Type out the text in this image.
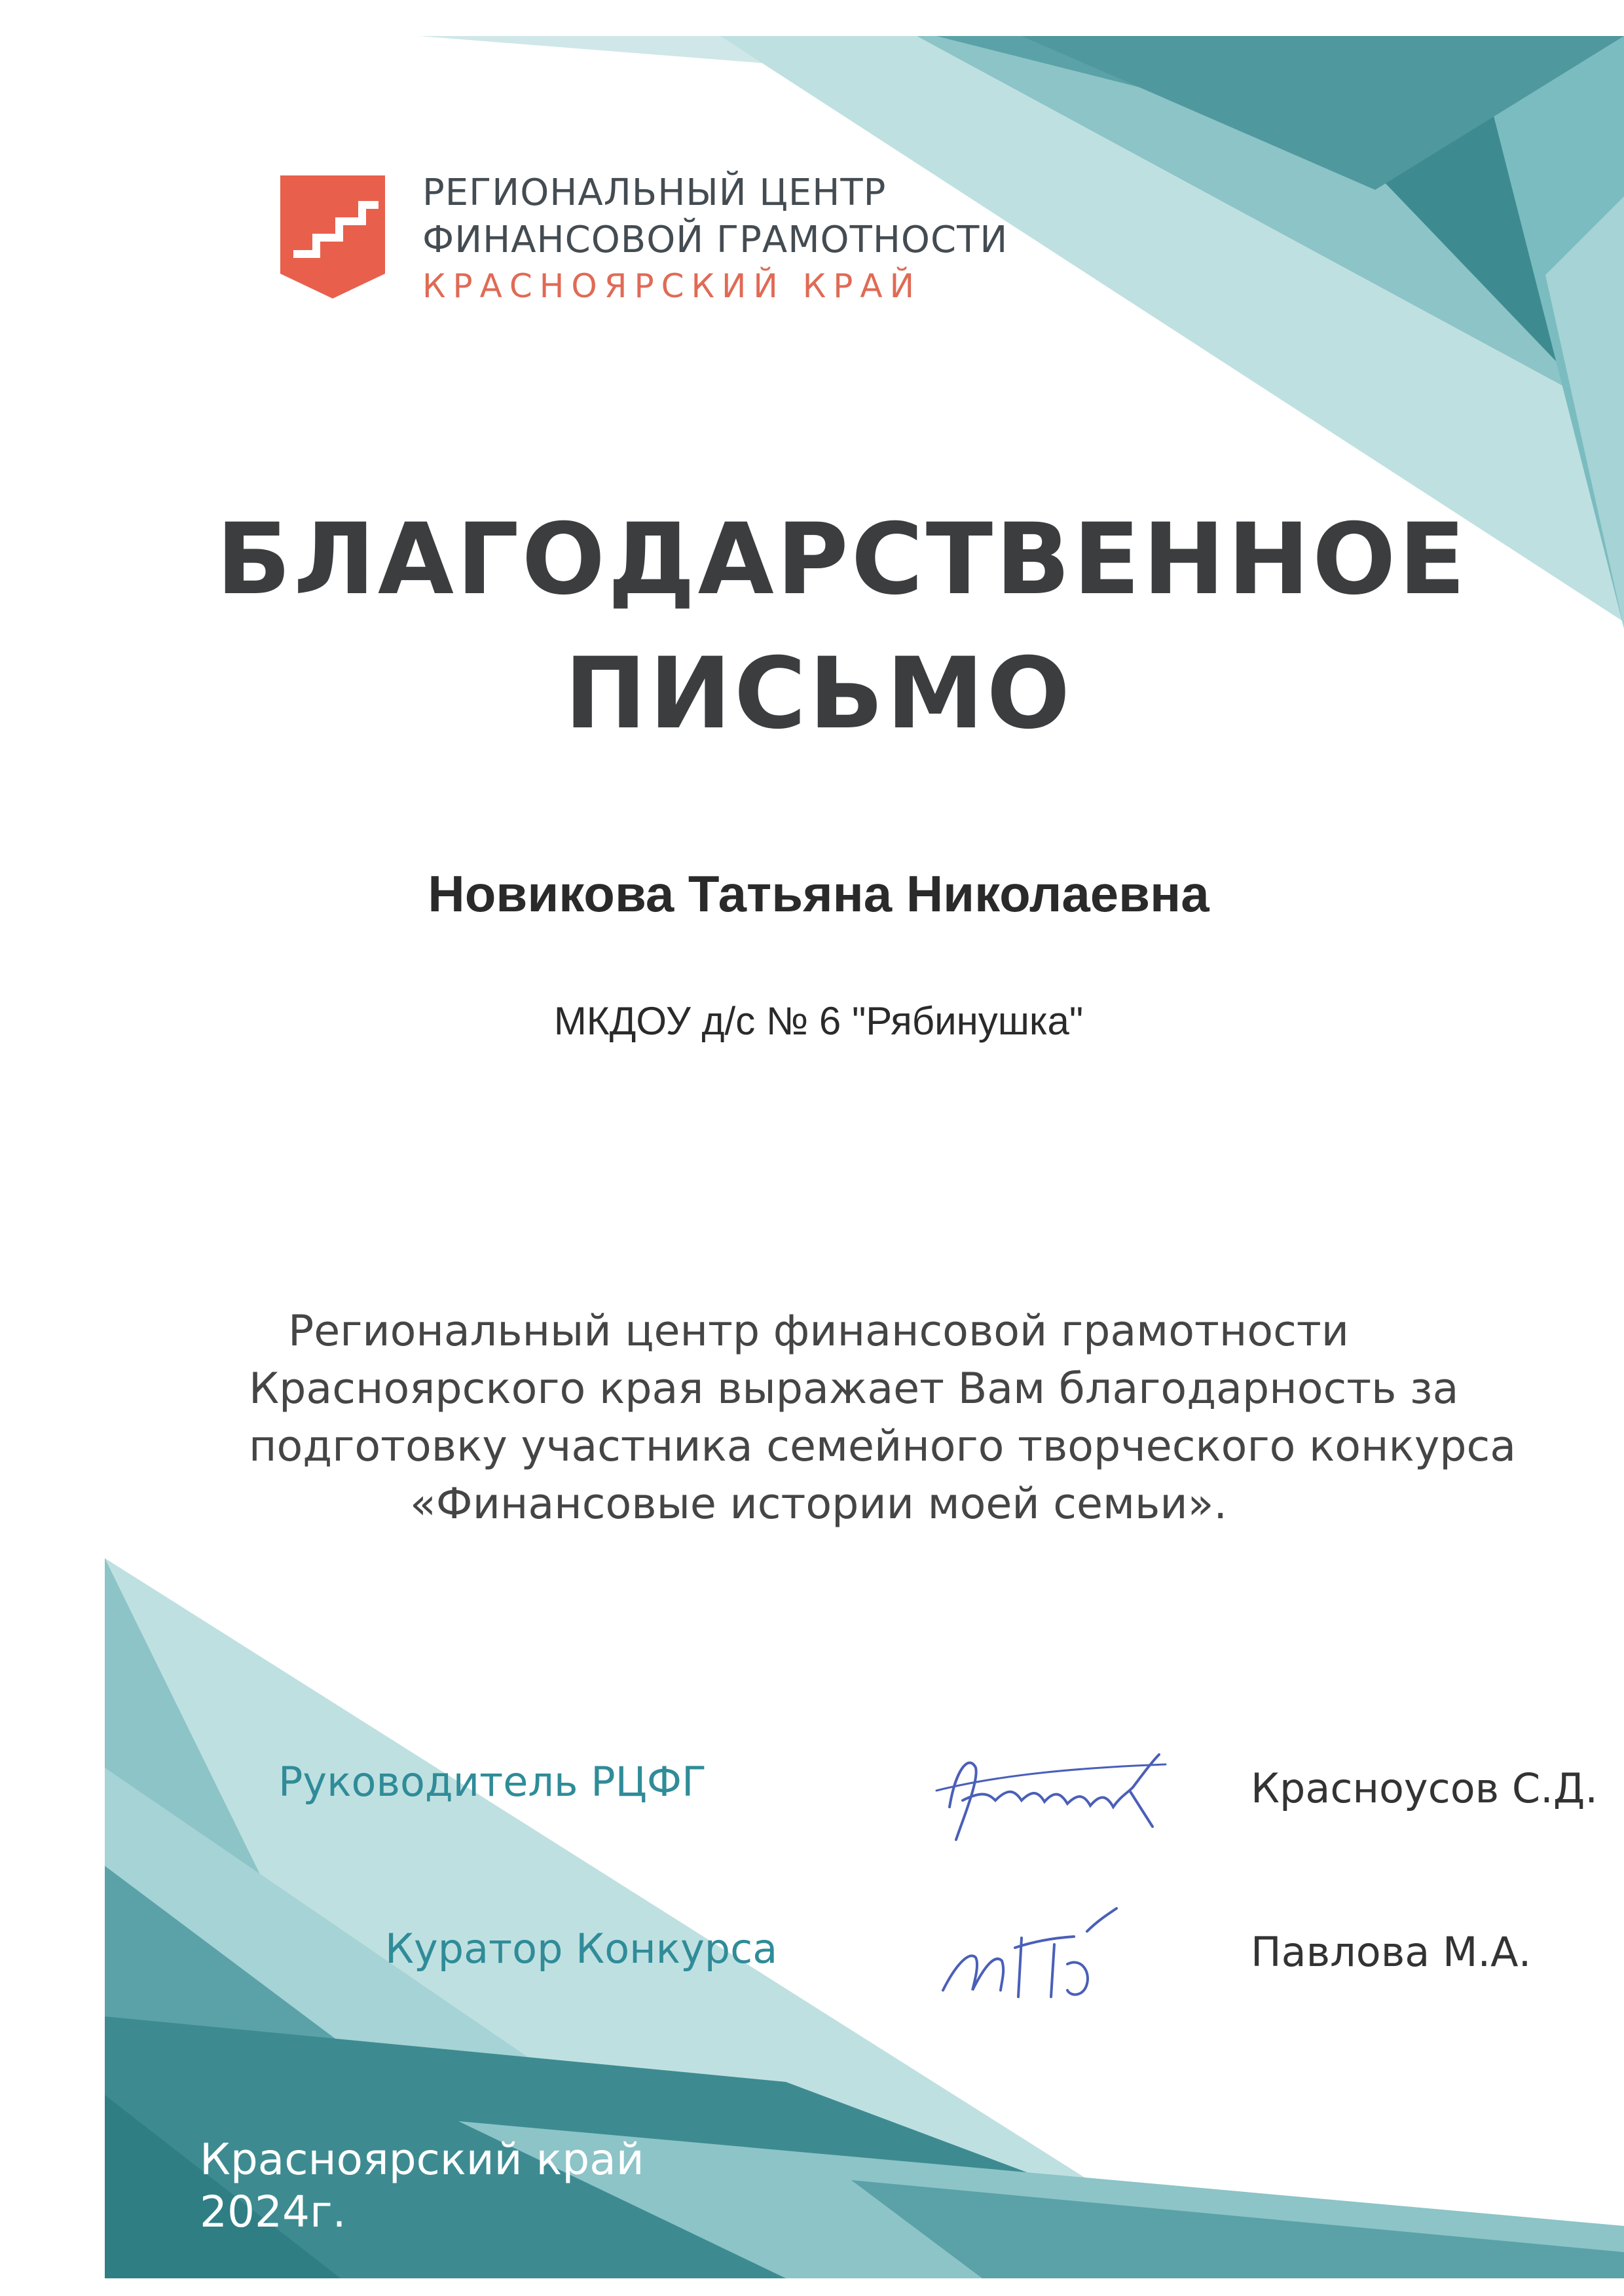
РЕГИОНАЛЬНЫЙ ЦЕНТР
ФИНАНСОВОЙ ГРАМОТНОСТИ
КРАСНОЯРСКИЙ КРАЙ
БЛАГОДАРСТВЕННОЕ
ПИСЬМО
Новикова Татьяна Николаевна
МКДОУ д/с № 6 "Рябинушка"
Региональный центр финансовой грамотности
Красноярского края выражает Вам благодарность за
подготовку участника семейного творческого конкурса
«Финансовые истории моей семьи».
Руководитель РЦФГ	Красноусов С.Д.
Куратор Конкурса	Павлова М.А.
Красноярский край
2024г.
